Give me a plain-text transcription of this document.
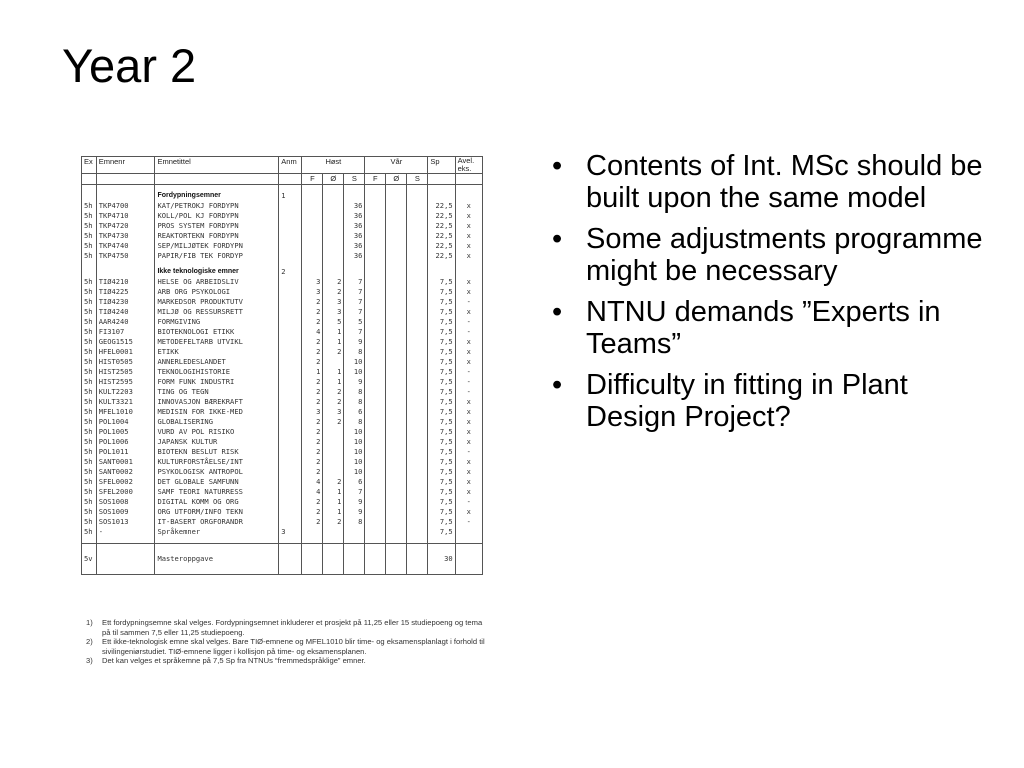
Year 2
• Contents of Int. MSc should be built upon the same model
• Some adjustments programme might be necessary
• NTNU demands ”Experts in Teams”
• Difficulty in fitting in Plant Design Project?
Ex	Emnenr	Emnetittel	Anm	Høst			Vår			Sp	Avel. eks.
				F	Ø	S	F	Ø	S		

		Fordypningsemner	1								
5h	TKP4700	KAT/PETROKJ FORDYPN				36				22,5	x
5h	TKP4710	KOLL/POL KJ FORDYPN				36				22,5	x
5h	TKP4720	PROS SYSTEM FORDYPN				36				22,5	x
5h	TKP4730	REAKTORTEKN FORDYPN				36				22,5	x
5h	TKP4740	SEP/MILJØTEK FORDYPN				36				22,5	x
5h	TKP4750	PAPIR/FIB TEK FORDYP				36				22,5	x

		Ikke teknologiske emner	2								
5h	TIØ4210	HELSE OG ARBEIDSLIV		3	2	7				7,5	x
5h	TIØ4225	ARB ORG PSYKOLOGI		3	2	7				7,5	x
5h	TIØ4230	MARKEDSOR PRODUKTUTV		2	3	7				7,5	-
5h	TIØ4240	MILJØ OG RESSURSRETT		2	3	7				7,5	x
5h	AAR4240	FORMGIVING		2	5	5				7,5	-
5h	FI3107	BIOTEKNOLOGI ETIKK		4	1	7				7,5	-
5h	GEOG1515	METODEFELTARB UTVIKL		2	1	9				7,5	x
5h	HFEL0001	ETIKK		2	2	8				7,5	x
5h	HIST0505	ANNERLEDESLANDET		2		10				7,5	x
5h	HIST2505	TEKNOLOGIHISTORIE		1	1	10				7,5	-
5h	HIST2595	FORM FUNK INDUSTRI		2	1	9				7,5	-
5h	KULT2203	TING OG TEGN		2	2	8				7,5	-
5h	KULT3321	INNOVASJON BÆREKRAFT		2	2	8				7,5	x
5h	MFEL1010	MEDISIN FOR IKKE-MED		3	3	6				7,5	x
5h	POL1004	GLOBALISERING		2	2	8				7,5	x
5h	POL1005	VURD AV POL RISIKO		2		10				7,5	x
5h	POL1006	JAPANSK KULTUR		2		10				7,5	x
5h	POL1011	BIOTEKN BESLUT RISK		2		10				7,5	-
5h	SANT0001	KULTURFORSTÅELSE/INT		2		10				7,5	x
5h	SANT0002	PSYKOLOGISK ANTROPOL		2		10				7,5	x
5h	SFEL0002	DET GLOBALE SAMFUNN		4	2	6				7,5	x
5h	SFEL2000	SAMF TEORI NATURRESS		4	1	7				7,5	x
5h	SOS1008	DIGITAL KOMM OG ORG		2	1	9				7,5	-
5h	SOS1009	ORG UTFORM/INFO TEKN		2	1	9				7,5	x
5h	SOS1013	IT-BASERT ORGFORANDR		2	2	8				7,5	-
5h	-	Språkemner	3							7,5	

5v		Masteroppgave								30	
1)	Ett fordypningsemne skal velges. Fordypningsemnet inkluderer et prosjekt på 11,25 eller 15 studiepoeng og tema på til sammen 7,5 eller 11,25 studiepoeng.
2)	Ett ikke-teknologisk emne skal velges. Bare TIØ-emnene og MFEL1010 blir time- og eksamensplanlagt i forhold til sivilingeniørstudiet. TIØ-emnene ligger i kollisjon på time- og eksamensplanen.
3)	Det kan velges et språkemne på 7,5 Sp fra NTNUs “fremmedspråklige” emner.
